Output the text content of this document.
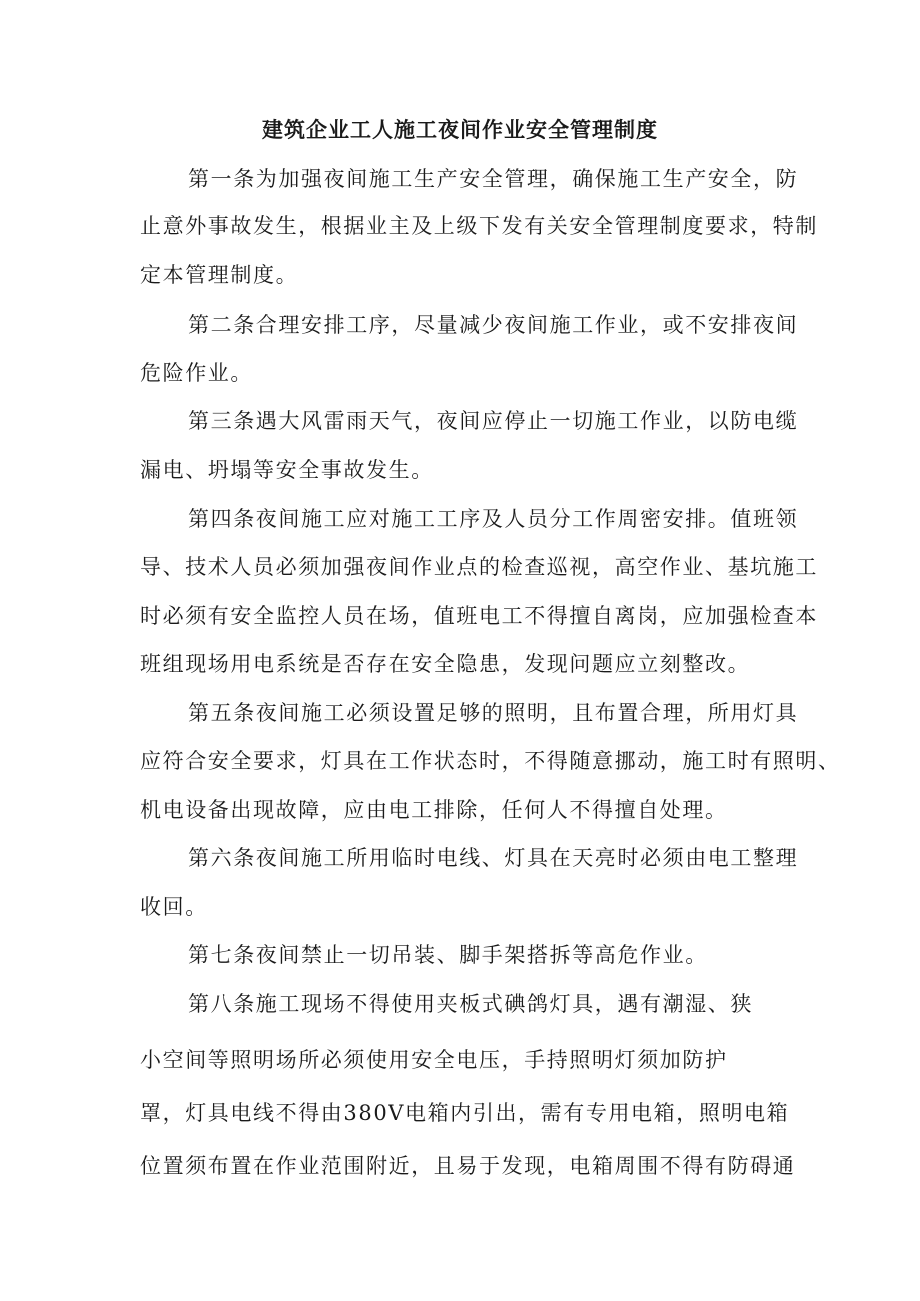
建筑企业工人施工夜间作业安全管理制度
第一条为加强夜间施工生产安全管理，确保施工生产安全，防
止意外事故发生，根据业主及上级下发有关安全管理制度要求，特制
定本管理制度。
第二条合理安排工序，尽量减少夜间施工作业，或不安排夜间
危险作业。
第三条遇大风雷雨天气，夜间应停止一切施工作业，以防电缆
漏电、坍塌等安全事故发生。
第四条夜间施工应对施工工序及人员分工作周密安排。值班领
导、技术人员必须加强夜间作业点的检查巡视，高空作业、基坑施工
时必须有安全监控人员在场，值班电工不得擅自离岗，应加强检查本
班组现场用电系统是否存在安全隐患，发现问题应立刻整改。
第五条夜间施工必须设置足够的照明，且布置合理，所用灯具
应符合安全要求，灯具在工作状态时，不得随意挪动，施工时有照明、
机电设备出现故障，应由电工排除，任何人不得擅自处理。
第六条夜间施工所用临时电线、灯具在天亮时必须由电工整理
收回。
第七条夜间禁止一切吊装、脚手架搭拆等高危作业。
第八条施工现场不得使用夹板式碘鸽灯具，遇有潮湿、狭
小空间等照明场所必须使用安全电压，手持照明灯须加防护
罩，灯具电线不得由380V电箱内引出，需有专用电箱，照明电箱
位置须布置在作业范围附近，且易于发现，电箱周围不得有防碍通
